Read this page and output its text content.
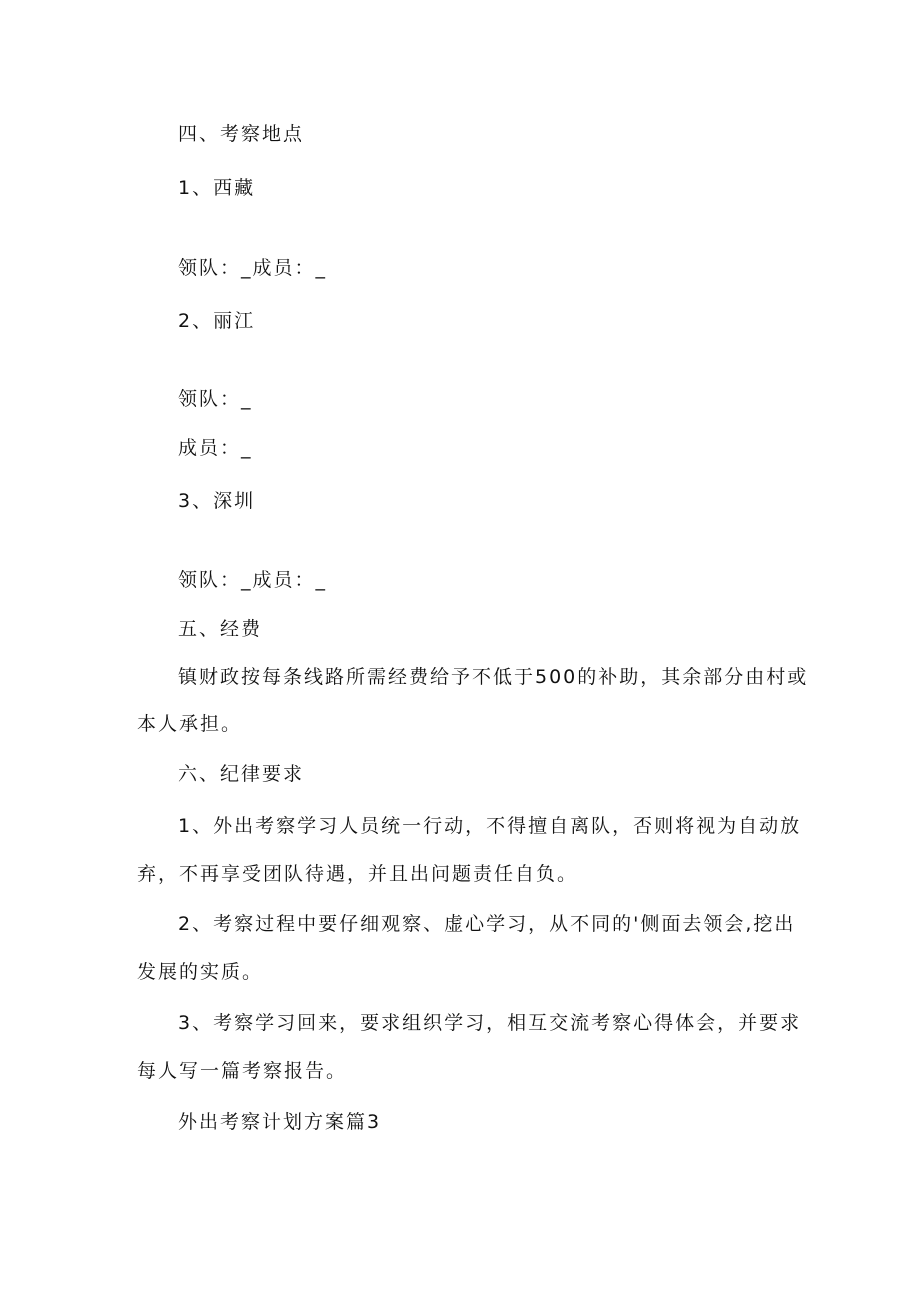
四、考察地点
1、西藏
领队：_成员：_
2、丽江
领队：_
成员：_
3、深圳
领队：_成员：_
五、经费
镇财政按每条线路所需经费给予不低于500的补助，其余部分由村或
本人承担。
六、纪律要求
1、外出考察学习人员统一行动，不得擅自离队，否则将视为自动放
弃，不再享受团队待遇，并且出问题责任自负。
2、考察过程中要仔细观察、虚心学习，从不同的'侧面去领会,挖出
发展的实质。
3、考察学习回来，要求组织学习，相互交流考察心得体会，并要求
每人写一篇考察报告。
外出考察计划方案篇3
